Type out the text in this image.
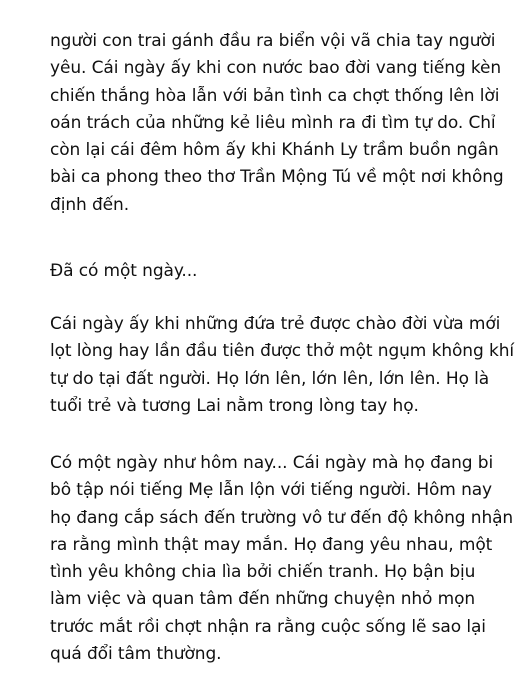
người con trai gánh đầu ra biển vội vã chia tay người
yêu. Cái ngày ấy khi con nước bao đời vang tiếng kèn
chiến thắng hòa lẫn với bản tình ca chợt thống lên lời
oán trách của những kẻ liêu mình ra đi tìm tự do. Chỉ
còn lại cái đêm hôm ấy khi Khánh Ly trầm buồn ngân
bài ca phong theo thơ Trần Mộng Tú về một nơi không
định đến.
Đã có một ngày...
Cái ngày ấy khi những đứa trẻ được chào đời vừa mới
lọt lòng hay lần đầu tiên được thở một ngụm không khí
tự do tại đất người. Họ lớn lên, lớn lên, lớn lên. Họ là
tuổi trẻ và tương Lai nằm trong lòng tay họ.
Có một ngày như hôm nay... Cái ngày mà họ đang bi
bô tập nói tiếng Mẹ lẫn lộn với tiếng người. Hôm nay
họ đang cắp sách đến trường vô tư đến độ không nhận
ra rằng mình thật may mắn. Họ đang yêu nhau, một
tình yêu không chia lìa bởi chiến tranh. Họ bận bịu
làm việc và quan tâm đến những chuyện nhỏ mọn
trước mắt rồi chợt nhận ra rằng cuộc sống lẽ sao lại
quá đổi tâm thường.
